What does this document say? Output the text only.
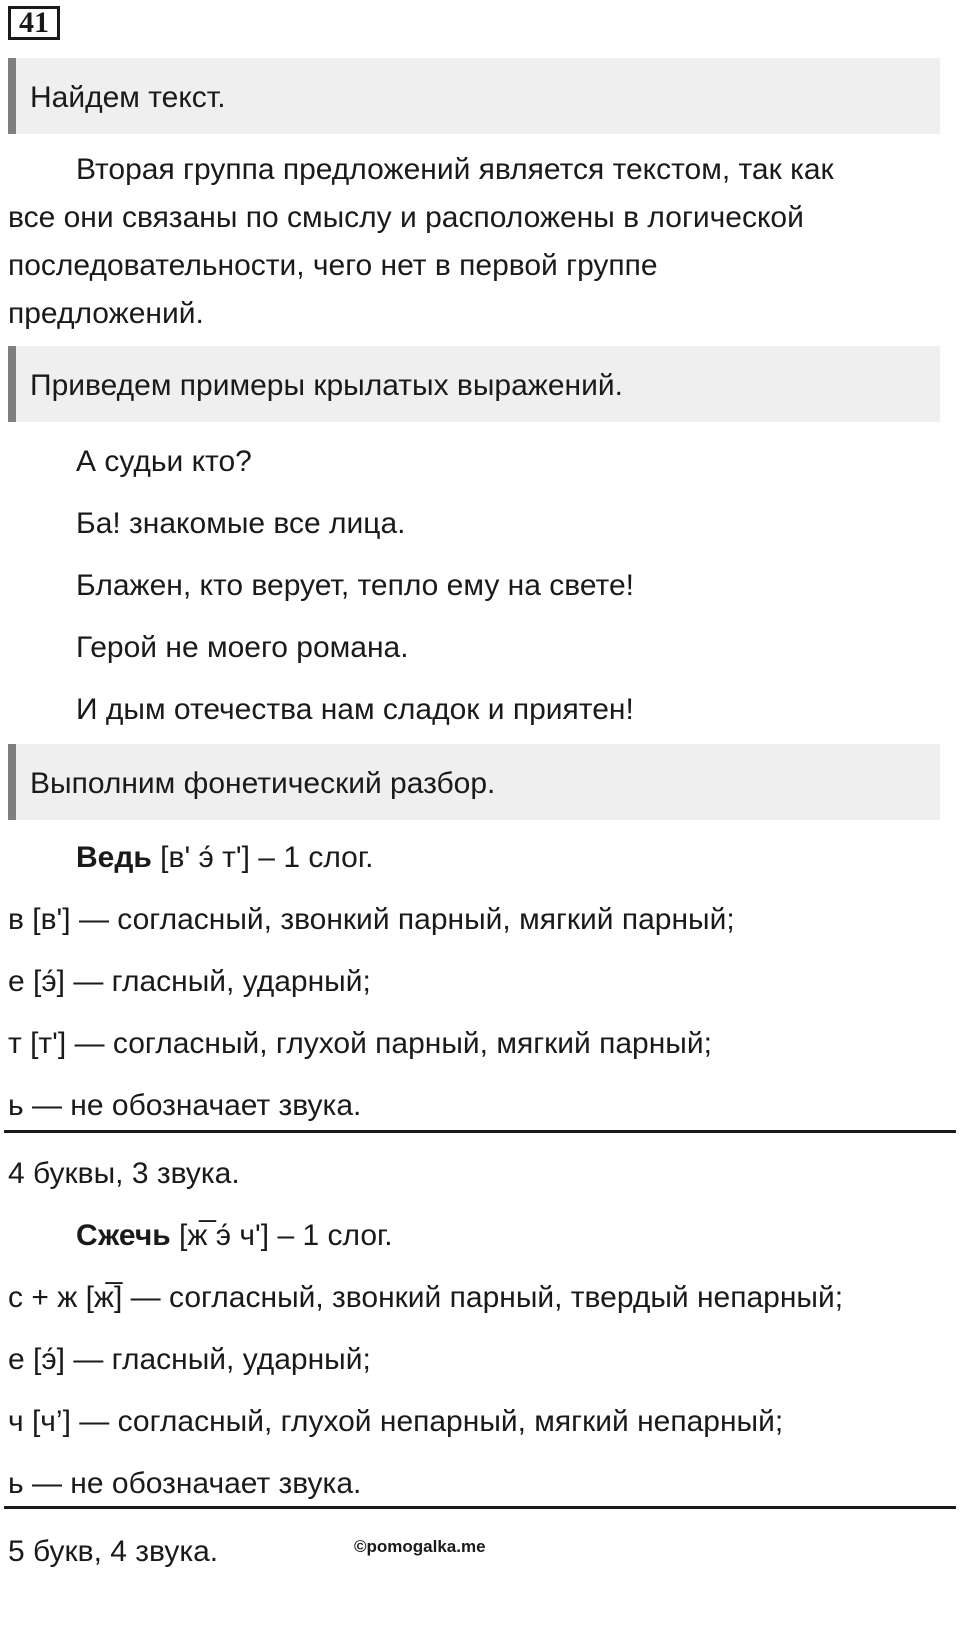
41
Найдем текст.
Вторая группа предложений является текстом, так как
все они связаны по смыслу и расположены в логической
последовательности, чего нет в первой группе
предложений.
Приведем примеры крылатых выражений.
А судьи кто?
Ба! знакомые все лица.
Блажен, кто верует, тепло ему на свете!
Герой не моего романа.
И дым отечества нам сладок и приятен!
Выполним фонетический разбор.
Ведь [в' э́ т'] – 1 слог.
в [в'] — согласный, звонкий парный, мягкий парный;
е [э́] — гласный, ударный;
т [т'] — согласный, глухой парный, мягкий парный;
ь — не обозначает звука.
4 буквы, 3 звука.
Сжечь [ж̅ э́ ч'] – 1 слог.
с + ж [ж̅] — согласный, звонкий парный, твердый непарный;
е [э́] — гласный, ударный;
ч [ч’] — согласный, глухой непарный, мягкий непарный;
ь — не обозначает звука.
5 букв, 4 звука.	©pomogalka.me
